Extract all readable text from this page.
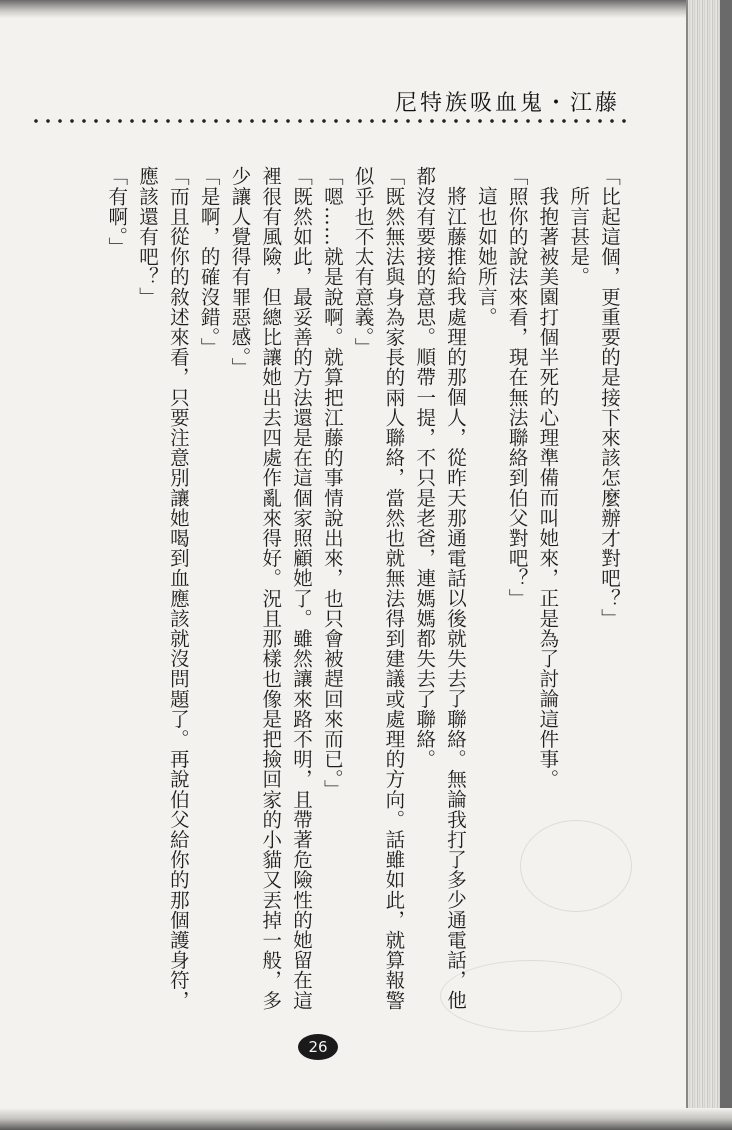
尼特族吸血鬼・江藤

「比起這個，更重要的是接下來該怎麼辦才對吧？」

所言甚是。

我抱著被美園打個半死的心理準備而叫她來，正是為了討論這件事。

「照你的說法來看，現在無法聯絡到伯父對吧？」

這也如她所言。

將江藤推給我處理的那個人，從昨天那通電話以後就失去了聯絡。無論我打了多少通電話，他都沒有要接的意思。順帶一提，不只是老爸，連媽媽都失去了聯絡。

「既然無法與身為家長的兩人聯絡，當然也就無法得到建議或處理的方向。話雖如此，就算報警似乎也不太有意義。」

「嗯……就是說啊。就算把江藤的事情說出來，也只會被趕回來而已。」

「既然如此，最妥善的方法還是在這個家照顧她了。雖然讓來路不明，且帶著危險性的她留在這裡很有風險，但總比讓她出去四處作亂來得好。況且那樣也像是把撿回家的小貓又丟掉一般，多少讓人覺得有罪惡感。」

「是啊，的確沒錯。」

「而且從你的敘述來看，只要注意別讓她喝到血應該就沒問題了。再說伯父給你的那個護身符，應該還有吧？」

「有啊。」

26
